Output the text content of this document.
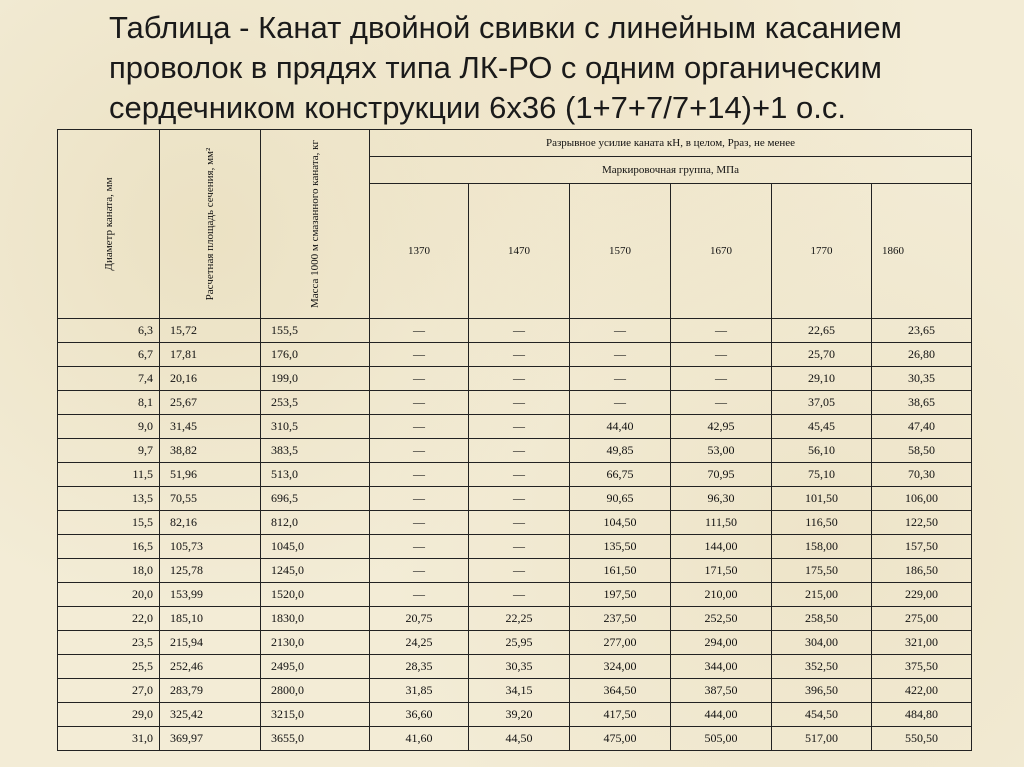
Таблица - Канат двойной свивки с линейным касанием
проволок в прядях типа ЛК-РО с одним органическим
сердечником конструкции 6х36 (1+7+7/7+14)+1 о.с.
Диаметр каната, мм	Расчетная площадь сечения, мм²	Масса 1000 м смазанного каната, кг	Разрывное усилие каната кН, в целом, Рраз, не менее					
			Маркировочная группа, МПа					
			1370	1470	1570	1670	1770	1860
6,3	15,72	155,5	—	—	—	—	22,65	23,65
6,7	17,81	176,0	—	—	—	—	25,70	26,80
7,4	20,16	199,0	—	—	—	—	29,10	30,35
8,1	25,67	253,5	—	—	—	—	37,05	38,65
9,0	31,45	310,5	—	—	44,40	42,95	45,45	47,40
9,7	38,82	383,5	—	—	49,85	53,00	56,10	58,50
11,5	51,96	513,0	—	—	66,75	70,95	75,10	70,30
13,5	70,55	696,5	—	—	90,65	96,30	101,50	106,00
15,5	82,16	812,0	—	—	104,50	111,50	116,50	122,50
16,5	105,73	1045,0	—	—	135,50	144,00	158,00	157,50
18,0	125,78	1245,0	—	—	161,50	171,50	175,50	186,50
20,0	153,99	1520,0	—	—	197,50	210,00	215,00	229,00
22,0	185,10	1830,0	20,75	22,25	237,50	252,50	258,50	275,00
23,5	215,94	2130,0	24,25	25,95	277,00	294,00	304,00	321,00
25,5	252,46	2495,0	28,35	30,35	324,00	344,00	352,50	375,50
27,0	283,79	2800,0	31,85	34,15	364,50	387,50	396,50	422,00
29,0	325,42	3215,0	36,60	39,20	417,50	444,00	454,50	484,80
31,0	369,97	3655,0	41,60	44,50	475,00	505,00	517,00	550,50
